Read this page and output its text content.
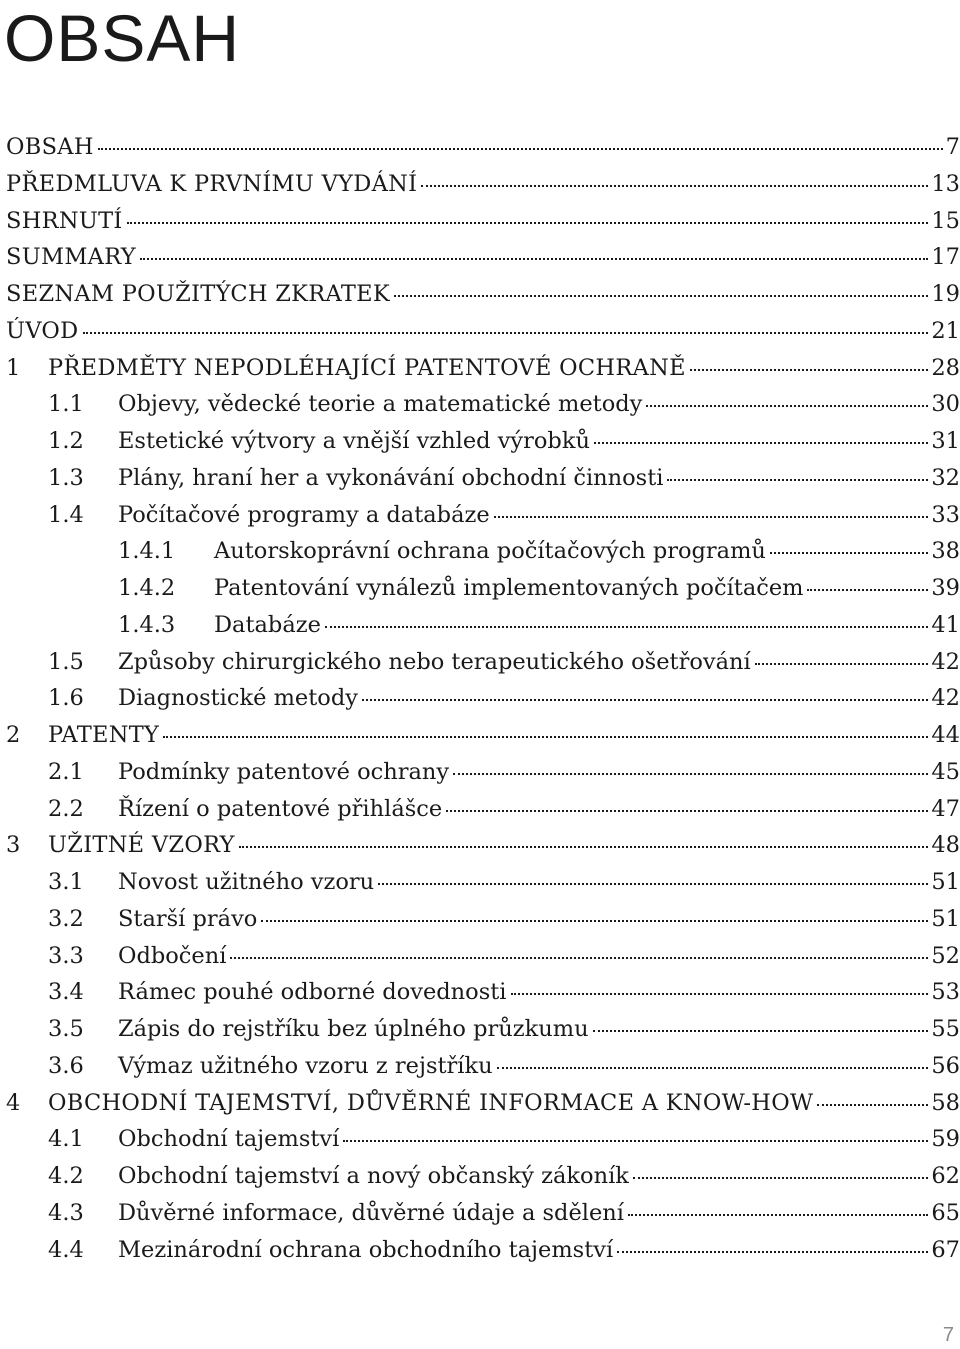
OBSAH
OBSAH	7
PŘEDMLUVA K PRVNÍMU VYDÁNÍ	13
SHRNUTÍ	15
SUMMARY	17
SEZNAM POUŽITÝCH ZKRATEK	19
ÚVOD	21
1	PŘEDMĚTY NEPODLÉHAJÍCÍ PATENTOVÉ OCHRANĚ	28
1.1	Objevy, vědecké teorie a matematické metody	30
1.2	Estetické výtvory a vnější vzhled výrobků	31
1.3	Plány, hraní her a vykonávání obchodní činnosti	32
1.4	Počítačové programy a databáze	33
1.4.1	Autorskoprávní ochrana počítačových programů	38
1.4.2	Patentování vynálezů implementovaných počítačem	39
1.4.3	Databáze	41
1.5	Způsoby chirurgického nebo terapeutického ošetřování	42
1.6	Diagnostické metody	42
2	PATENTY	44
2.1	Podmínky patentové ochrany	45
2.2	Řízení o patentové přihlášce	47
3	UŽITNÉ VZORY	48
3.1	Novost užitného vzoru	51
3.2	Starší právo	51
3.3	Odbočení	52
3.4	Rámec pouhé odborné dovednosti	53
3.5	Zápis do rejstříku bez úplného průzkumu	55
3.6	Výmaz užitného vzoru z rejstříku	56
4	OBCHODNÍ TAJEMSTVÍ, DŮVĚRNÉ INFORMACE A KNOW-HOW	58
4.1	Obchodní tajemství	59
4.2	Obchodní tajemství a nový občanský zákoník	62
4.3	Důvěrné informace, důvěrné údaje a sdělení	65
4.4	Mezinárodní ochrana obchodního tajemství	67
7
